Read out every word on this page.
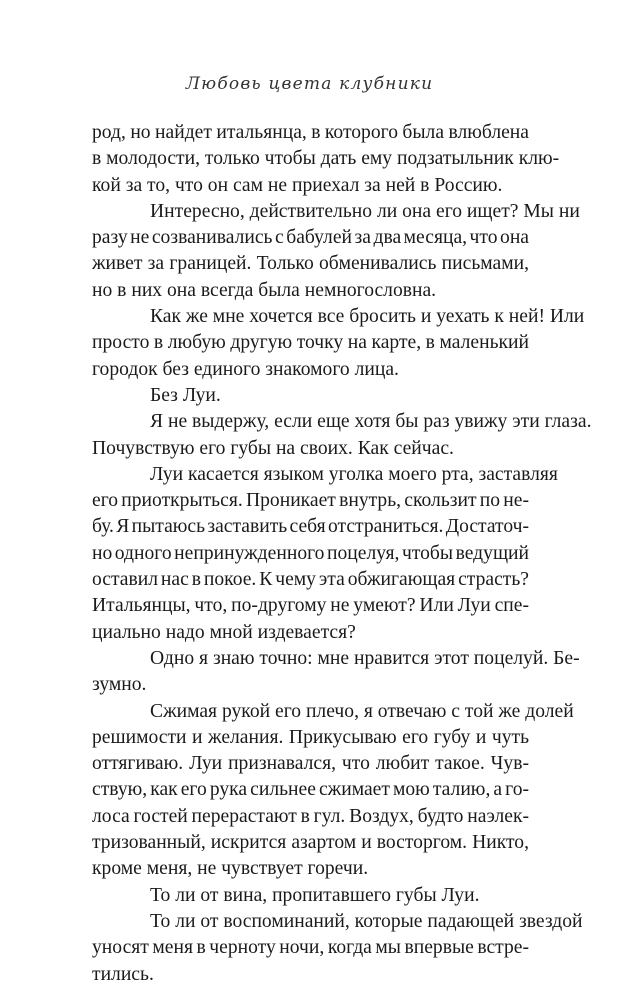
Любовь цвета клубники

род, но найдет итальянца, в которого была влюблена
в молодости, только чтобы дать ему подзатыльник клю-
кой за то, что он сам не приехал за ней в Россию.

Интересно, действительно ли она его ищет? Мы ни
разу не созванивались с бабулей за два месяца, что она
живет за границей. Только обменивались письмами,
но в них она всегда была немногословна.

Как же мне хочется все бросить и уехать к ней! Или
просто в любую другую точку на карте, в маленький
городок без единого знакомого лица.

Без Луи.

Я не выдержу, если еще хотя бы раз увижу эти глаза.
Почувствую его губы на своих. Как сейчас.

Луи касается языком уголка моего рта, заставляя
его приоткрыться. Проникает внутрь, скользит по не-
бу. Я пытаюсь заставить себя отстраниться. Достаточ-
но одного непринужденного поцелуя, чтобы ведущий
оставил нас в покое. К чему эта обжигающая страсть?
Итальянцы, что, по-другому не умеют? Или Луи спе-
циально надо мной издевается?

Одно я знаю точно: мне нравится этот поцелуй. Бе-
зумно.

Сжимая рукой его плечо, я отвечаю с той же долей
решимости и желания. Прикусываю его губу и чуть
оттягиваю. Луи признавался, что любит такое. Чув-
ствую, как его рука сильнее сжимает мою талию, а го-
лоса гостей перерастают в гул. Воздух, будто наэлек-
тризованный, искрится азартом и восторгом. Никто,
кроме меня, не чувствует горечи.

То ли от вина, пропитавшего губы Луи.

То ли от воспоминаний, которые падающей звездой
уносят меня в черноту ночи, когда мы впервые встре-
тились.
